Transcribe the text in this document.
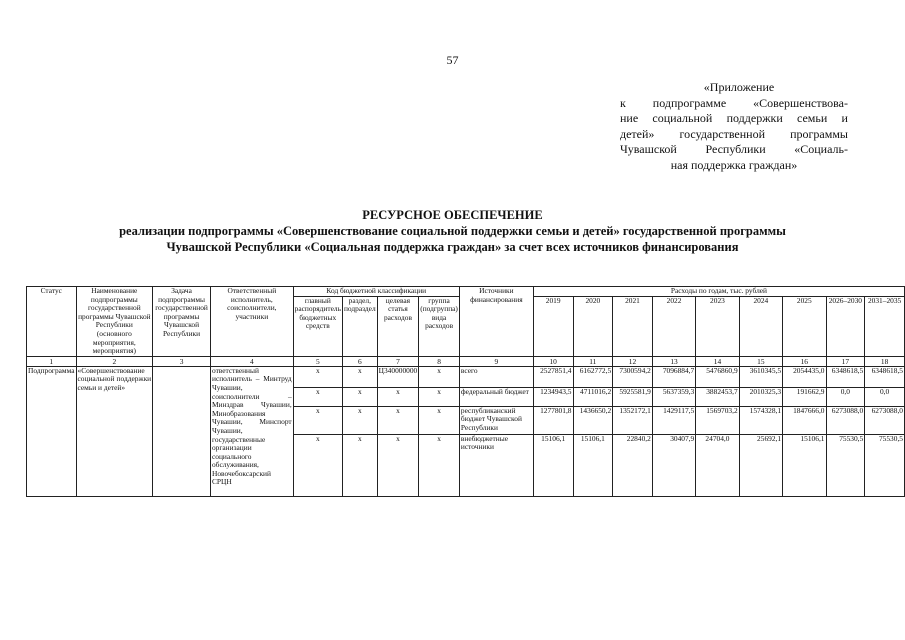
57
«Приложение
к подпрограмме «Совершенствова-
ние социальной поддержки семьи и
детей» государственной программы
Чувашской Республики «Социаль-
ная поддержка граждан»
РЕСУРСНОЕ ОБЕСПЕЧЕНИЕ
реализации подпрограммы «Совершенствование социальной поддержки семьи и детей» государственной программы
Чувашской Республики «Социальная поддержка граждан» за счет всех источников финансирования
Статус	Наименование подпрограммы государственной программы Чувашской Республики (основного мероприятия, мероприятия)	Задача подпрограммы государственной программы Чувашской Республики	Ответственный исполнитель, соисполнители, участники	Код бюджетной классификации				Источники финансирования	Расходы по годам, тыс. рублей								
				главный распорядитель бюджетных средств	раздел, подраздел	целевая статья расходов	группа (подгруппа) вида расходов		2019	2020	2021	2022	2023	2024	2025	2026–2030	2031–2035

1	2	3	4	5	6	7	8	9	10	11	12	13	14	15	16	17	18
Подпрограмма	«Совершенствование социальной поддержки семьи и детей»		ответственный исполнитель – Минтруд Чувашии, соисполнители – Минздрав Чувашии, Минобразования Чувашии, Минспорт Чувашии, государственные организации социального обслуживания, Новочебоксарский СРЦН	x	x	Ц340000000	x	всего	2527851,4	6162772,5	7300594,2	7096884,7	5476860,9	3610345,5	2054435,0	6348618,5	6348618,5
				x	x	x	x	федеральный бюджет	1234943,5	4711016,2	5925581,9	5637359,3	3882453,7	2010325,3	191662,9	0,0	0,0
				x	x	x	x	республиканский бюджет Чувашской Республики	1277801,8	1436650,2	1352172,1	1429117,5	1569703,2	1574328,1	1847666,0	6273088,0	6273088,0
				x	x	x	x	внебюджетные источники	15106,1	15106,1	22840,2	30407,9	24704,0	25692,1	15106,1	75530,5	75530,5
